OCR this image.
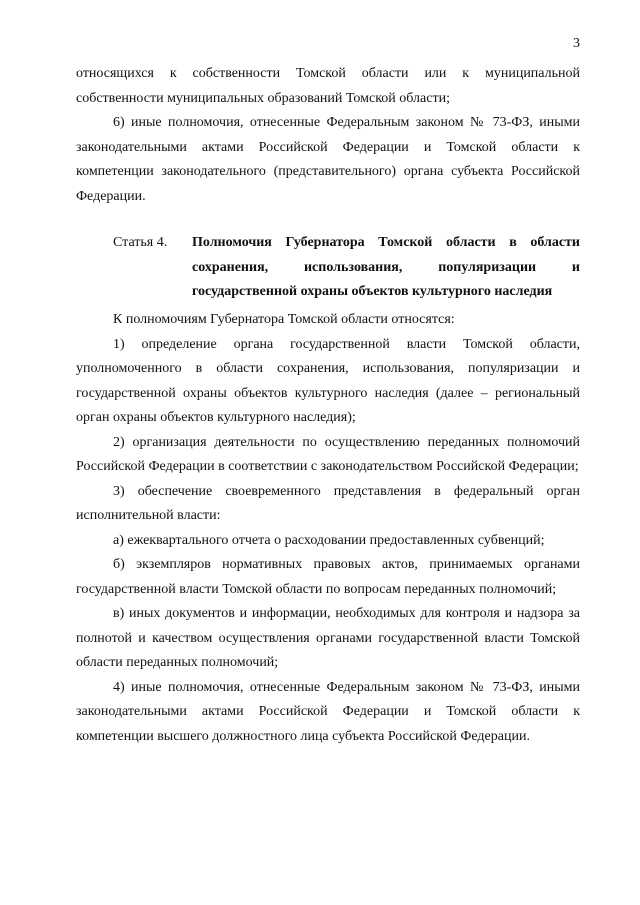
3

относящихся к собственности Томской области или к муниципальной собственности муниципальных образований Томской области;

6) иные полномочия, отнесенные Федеральным законом № 73-ФЗ, иными законодательными актами Российской Федерации и Томской области к компетенции законодательного (представительного) органа субъекта Российской Федерации.

Статья 4. Полномочия Губернатора Томской области в области сохранения, использования, популяризации и государственной охраны объектов культурного наследия

К полномочиям Губернатора Томской области относятся:

1) определение органа государственной власти Томской области, уполномоченного в области сохранения, использования, популяризации и государственной охраны объектов культурного наследия (далее – региональный орган охраны объектов культурного наследия);

2) организация деятельности по осуществлению переданных полномочий Российской Федерации в соответствии с законодательством Российской Федерации;

3) обеспечение своевременного представления в федеральный орган исполнительной власти:

а) ежеквартального отчета о расходовании предоставленных субвенций;

б) экземпляров нормативных правовых актов, принимаемых органами государственной власти Томской области по вопросам переданных полномочий;

в) иных документов и информации, необходимых для контроля и надзора за полнотой и качеством осуществления органами государственной власти Томской области переданных полномочий;

4) иные полномочия, отнесенные Федеральным законом № 73-ФЗ, иными законодательными актами Российской Федерации и Томской области к компетенции высшего должностного лица субъекта Российской Федерации.
